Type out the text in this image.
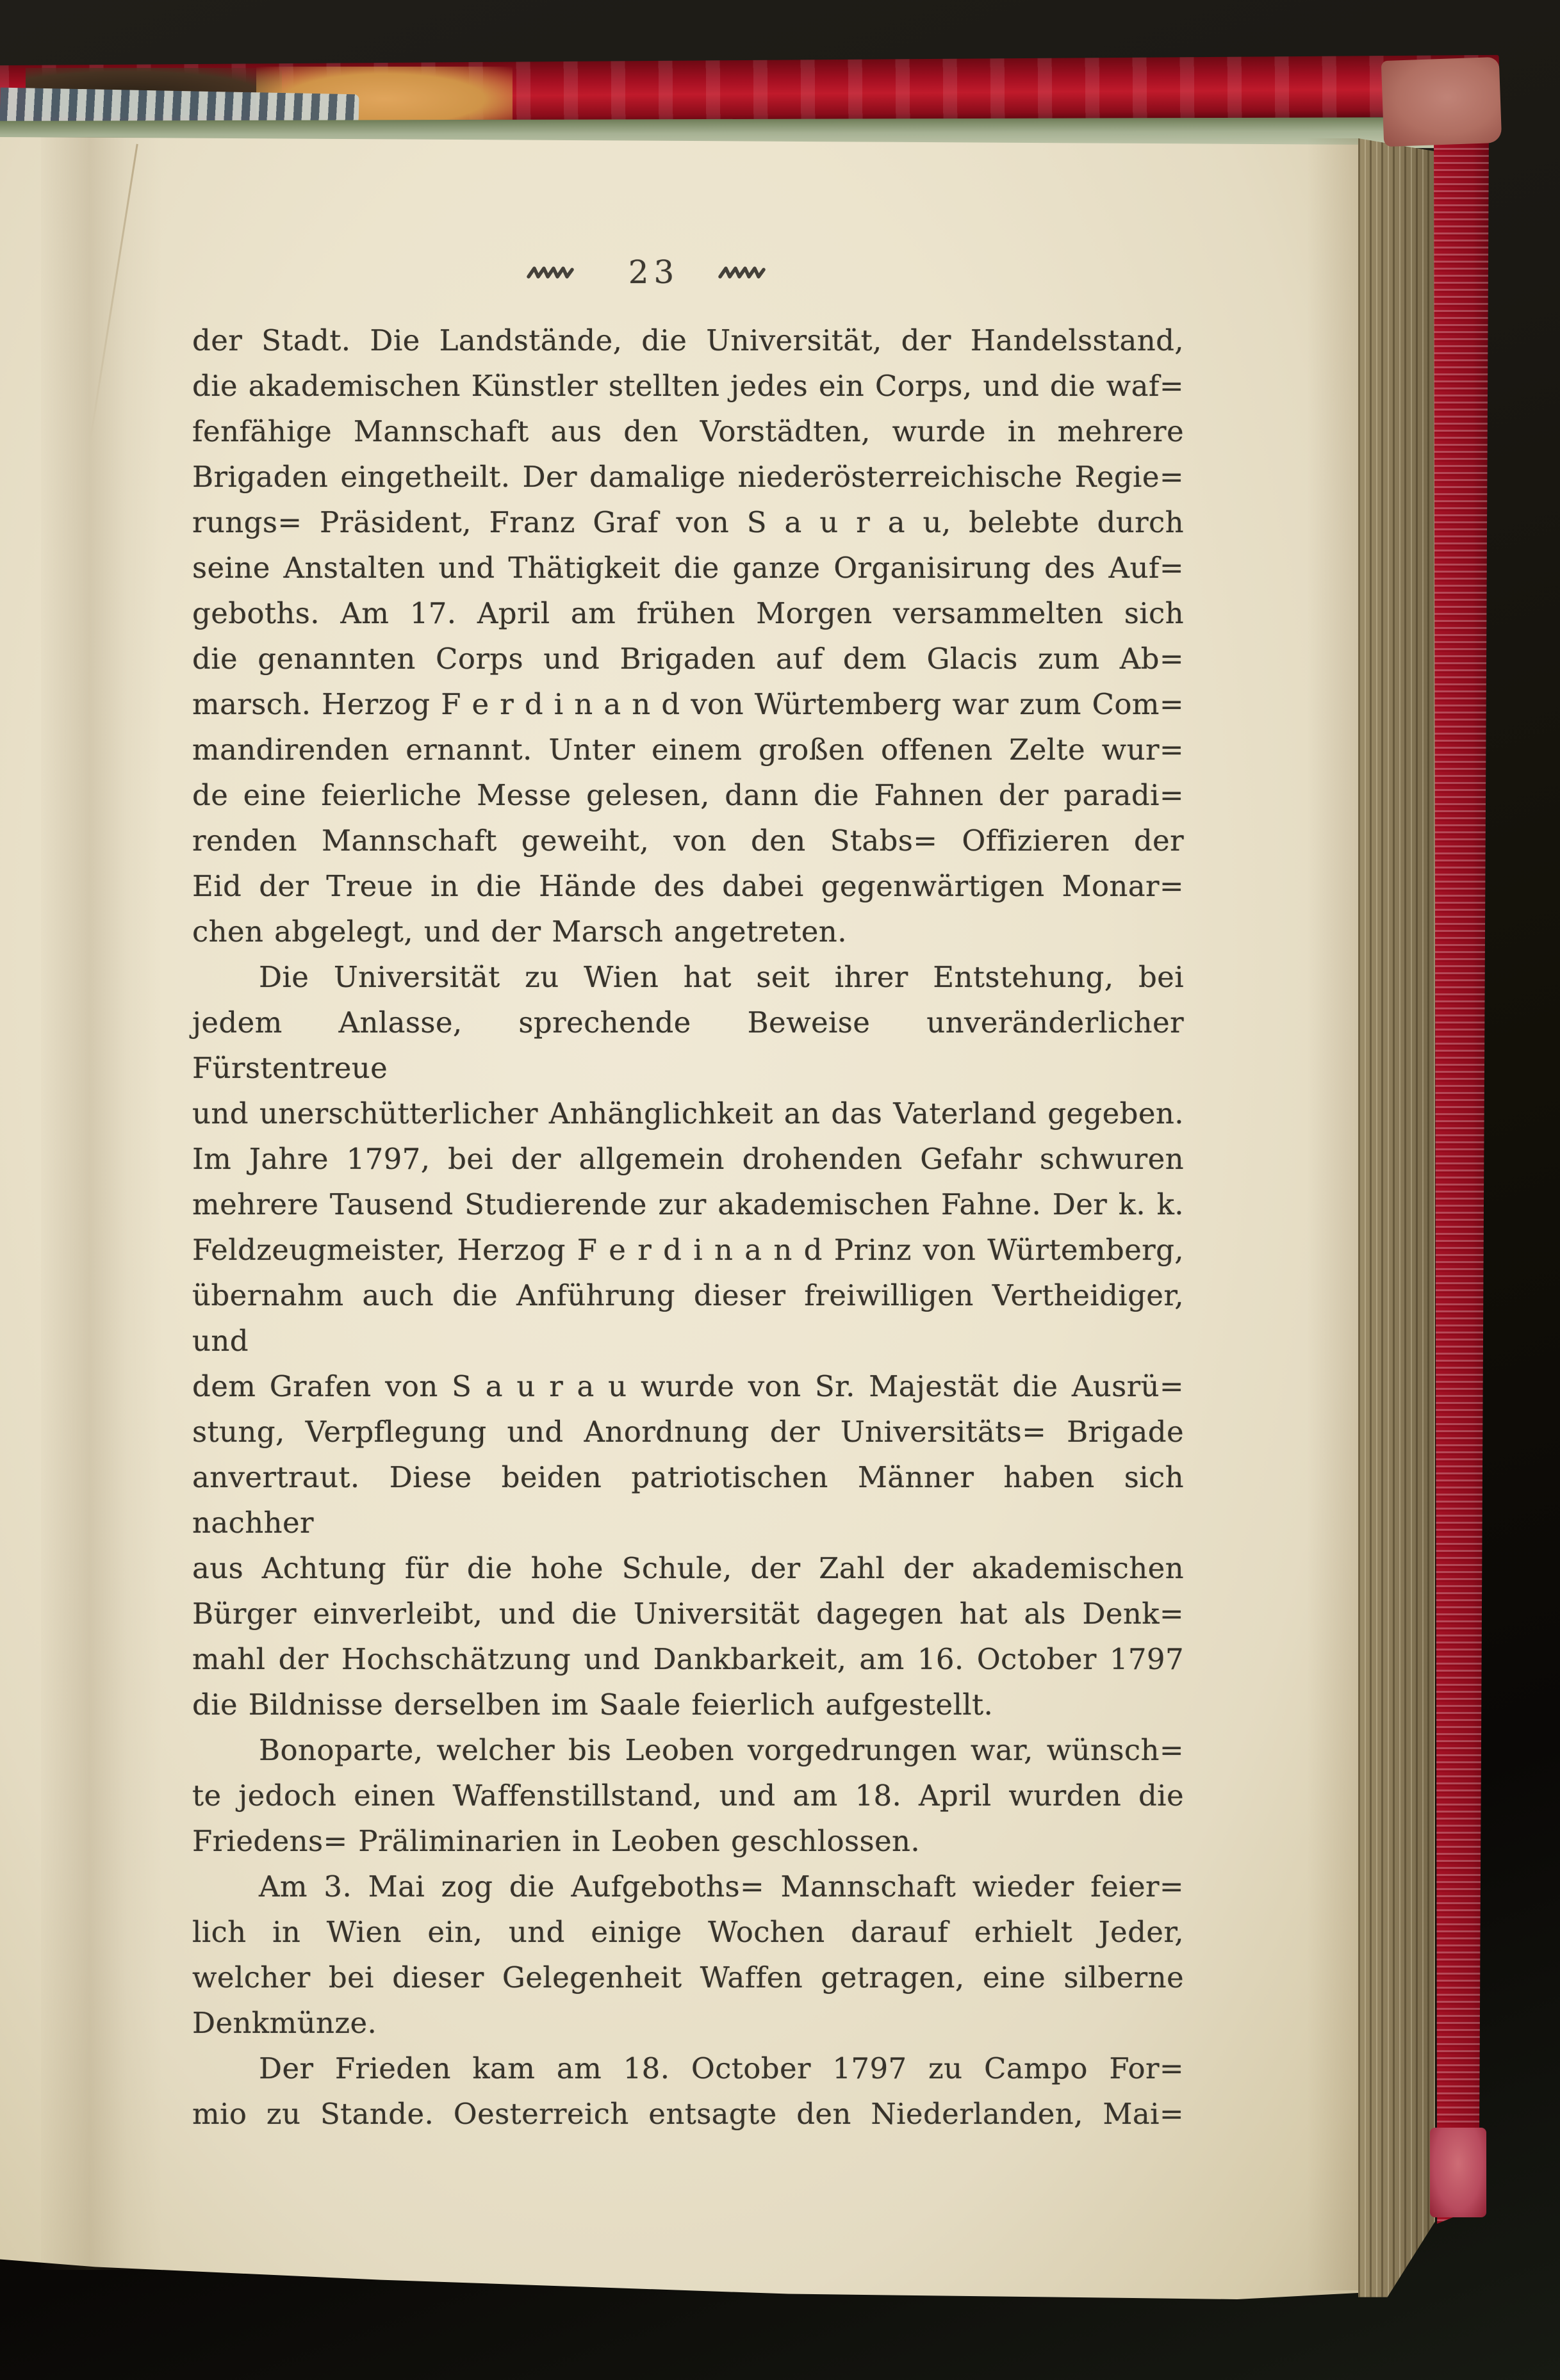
23
der Stadt. Die Landstände, die Universität, der Handelsstand,
die akademischen Künstler stellten jedes ein Corps, und die waf=
fenfähige Mannschaft aus den Vorstädten, wurde in mehrere
Brigaden eingetheilt. Der damalige niederösterreichische Regie=
rungs= Präsident, Franz Graf von S a u r a u, belebte durch
seine Anstalten und Thätigkeit die ganze Organisirung des Auf=
geboths. Am 17. April am frühen Morgen versammelten sich
die genannten Corps und Brigaden auf dem Glacis zum Ab=
marsch. Herzog F e r d i n a n d von Würtemberg war zum Com=
mandirenden ernannt. Unter einem großen offenen Zelte wur=
de eine feierliche Messe gelesen, dann die Fahnen der paradi=
renden Mannschaft geweiht, von den Stabs= Offizieren der
Eid der Treue in die Hände des dabei gegenwärtigen Monar=
chen abgelegt, und der Marsch angetreten.
Die Universität zu Wien hat seit ihrer Entstehung, bei
jedem Anlasse, sprechende Beweise unveränderlicher Fürstentreue
und unerschütterlicher Anhänglichkeit an das Vaterland gegeben.
Im Jahre 1797, bei der allgemein drohenden Gefahr schwuren
mehrere Tausend Studierende zur akademischen Fahne. Der k. k.
Feldzeugmeister, Herzog F e r d i n a n d Prinz von Würtemberg,
übernahm auch die Anführung dieser freiwilligen Vertheidiger, und
dem Grafen von S a u r a u wurde von Sr. Majestät die Ausrü=
stung, Verpflegung und Anordnung der Universitäts= Brigade
anvertraut. Diese beiden patriotischen Männer haben sich nachher
aus Achtung für die hohe Schule, der Zahl der akademischen
Bürger einverleibt, und die Universität dagegen hat als Denk=
mahl der Hochschätzung und Dankbarkeit, am 16. October 1797
die Bildnisse derselben im Saale feierlich aufgestellt.
Bonoparte, welcher bis Leoben vorgedrungen war, wünsch=
te jedoch einen Waffenstillstand, und am 18. April wurden die
Friedens= Präliminarien in Leoben geschlossen.
Am 3. Mai zog die Aufgeboths= Mannschaft wieder feier=
lich in Wien ein, und einige Wochen darauf erhielt Jeder,
welcher bei dieser Gelegenheit Waffen getragen, eine silberne
Denkmünze.
Der Frieden kam am 18. October 1797 zu Campo For=
mio zu Stande. Oesterreich entsagte den Niederlanden, Mai=
